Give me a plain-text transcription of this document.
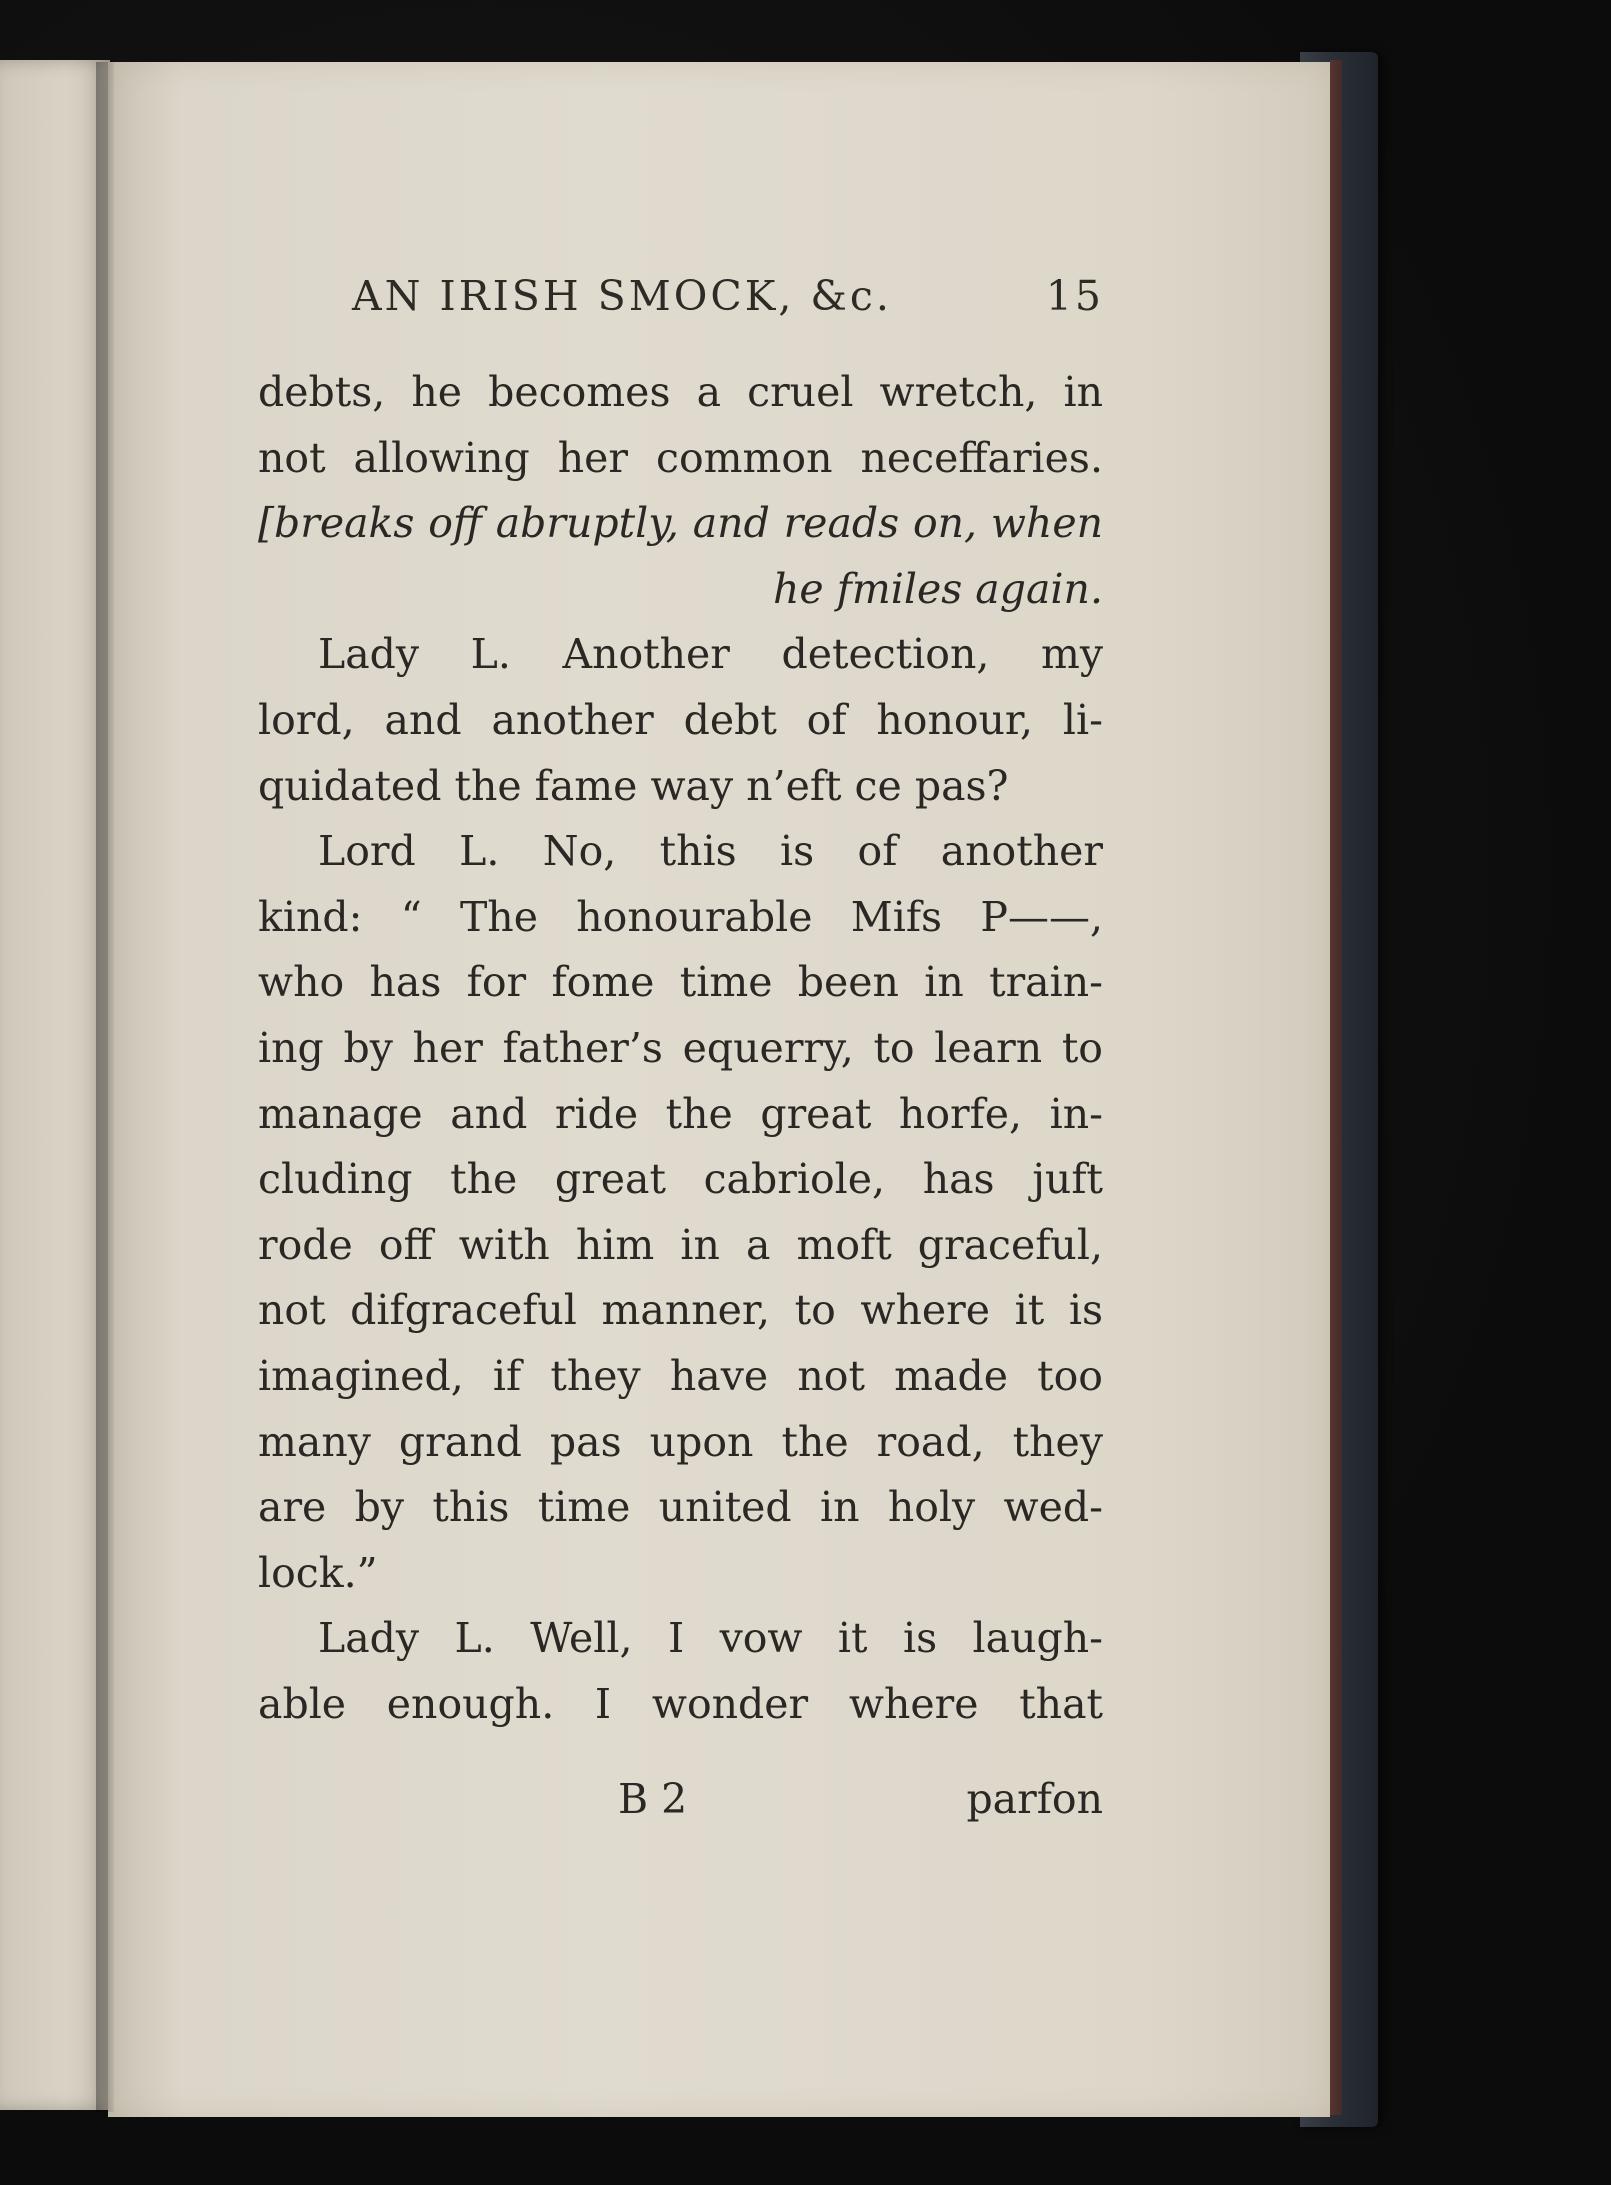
AN IRISH SMOCK, &c.	15
debts, he becomes a cruel wretch, in
not allowing her common neceffaries.
[breaks off abruptly, and reads on, when
he fmiles again.
Lady L. Another detection, my
lord, and another debt of honour, li-
quidated the fame way n’eft ce pas?
Lord L. No, this is of another
kind: “ The honourable Mifs P——,
who has for fome time been in train-
ing by her father’s equerry, to learn to
manage and ride the great horfe, in-
cluding the great cabriole, has juft
rode off with him in a moft graceful,
not difgraceful manner, to where it is
imagined, if they have not made too
many grand pas upon the road, they
are by this time united in holy wed-
lock.”
Lady L. Well, I vow it is laugh-
able enough. I wonder where that
B 2	parfon
